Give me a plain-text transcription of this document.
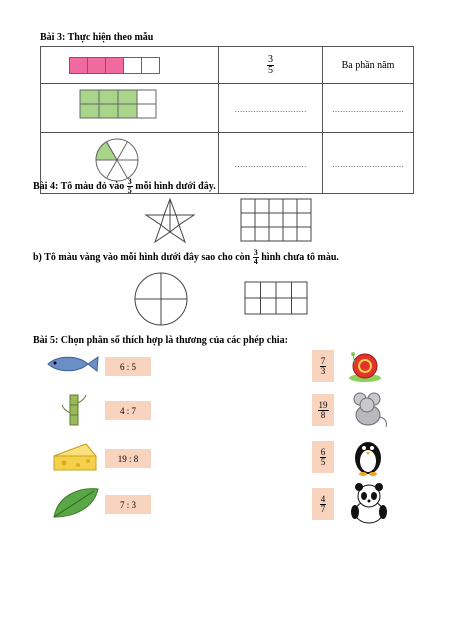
Bài 3: Thực hiện theo mẫu

	$\frac{3}{5}$	Ba phần năm
	………………………	………………………
	………………………	………………………
Bài 4: Tô màu đỏ vào $\frac{3}{5}$ mỗi hình dưới đây.
b) Tô màu vàng vào mỗi hình dưới đây sao cho còn $\frac{3}{4}$ hình chưa tô màu.
Bài 5: Chọn phân số thích hợp là thương của các phép chia:
6 : 5
4 : 7
19 : 8
7 : 3
7
3
19
8
6
5
4
7
